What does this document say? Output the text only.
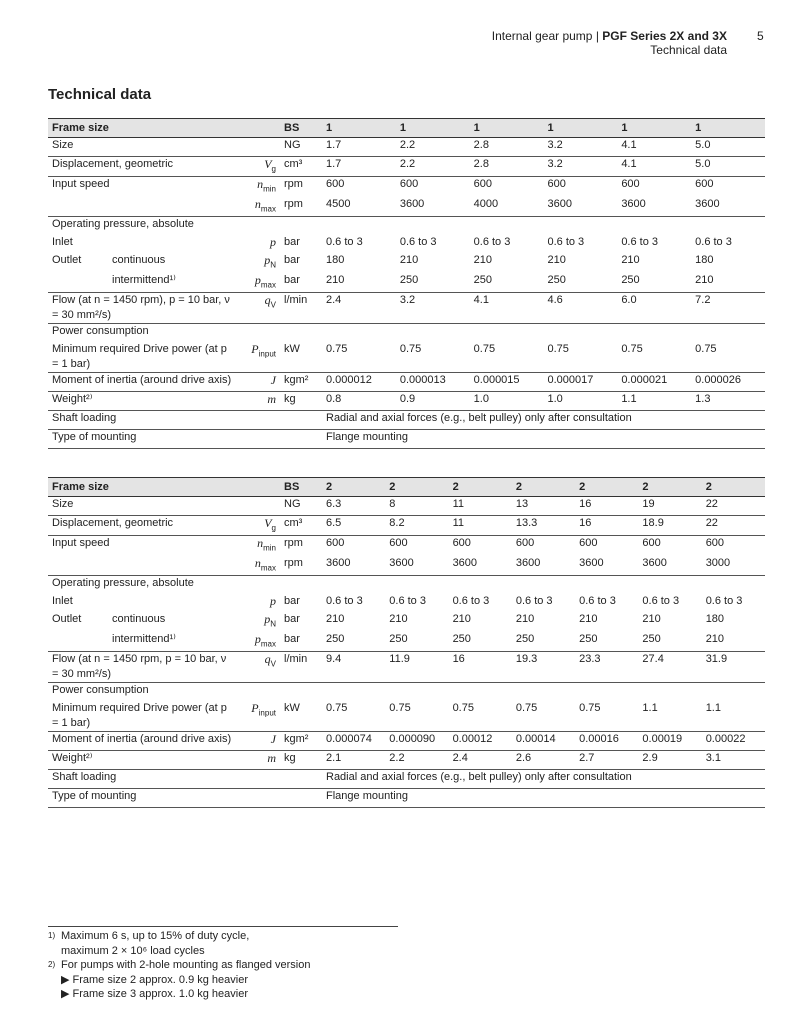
Internal gear pump | PGF Series 2X and 3X
Technical data
5
Technical data
Frame size		BS	1	1	1	1	1	1
Size		NG	1.7	2.2	2.8	3.2	4.1	5.0
Displacement, geometric	$V_g$	cm³	1.7	2.2	2.8	3.2	4.1	5.0
Input speed	$n_{min}$	rpm	600	600	600	600	600	600
	$n_{max}$	rpm	4500	3600	4000	3600	3600	3600
Operating pressure, absolute								
Inlet	p	bar	0.6 to 3	0.6 to 3	0.6 to 3	0.6 to 3	0.6 to 3	0.6 to 3
Outlet continuous	$p_N$	bar	180	210	210	210	210	180
intermittend¹⁾	$p_{max}$	bar	210	250	250	250	250	210
Flow (at n = 1450 rpm), p = 10 bar, ν = 30 mm²/s)	$q_V$	l/min	2.4	3.2	4.1	4.6	6.0	7.2
Power consumption								
Minimum required Drive power (at p = 1 bar)	$P_{input}$	kW	0.75	0.75	0.75	0.75	0.75	0.75
Moment of inertia (around drive axis)	J	kgm²	0.000012	0.000013	0.000015	0.000017	0.000021	0.000026
Weight²⁾	m	kg	0.8	0.9	1.0	1.0	1.1	1.3
Shaft loading			Radial and axial forces (e.g., belt pulley) only after consultation					
Type of mounting			Flange mounting					
Frame size		BS	2	2	2	2	2	2	2
Size		NG	6.3	8	11	13	16	19	22
Displacement, geometric	$V_g$	cm³	6.5	8.2	11	13.3	16	18.9	22
Input speed	$n_{min}$	rpm	600	600	600	600	600	600	600
	$n_{max}$	rpm	3600	3600	3600	3600	3600	3600	3000
Operating pressure, absolute									
Inlet	p	bar	0.6 to 3	0.6 to 3	0.6 to 3	0.6 to 3	0.6 to 3	0.6 to 3	0.6 to 3
Outlet continuous	$p_N$	bar	210	210	210	210	210	210	180
intermittend¹⁾	$p_{max}$	bar	250	250	250	250	250	250	210
Flow (at n = 1450 rpm, p = 10 bar, ν = 30 mm²/s)	$q_V$	l/min	9.4	11.9	16	19.3	23.3	27.4	31.9
Power consumption									
Minimum required Drive power (at p = 1 bar)	$P_{input}$	kW	0.75	0.75	0.75	0.75	0.75	1.1	1.1
Moment of inertia (around drive axis)	J	kgm²	0.000074	0.000090	0.00012	0.00014	0.00016	0.00019	0.00022
Weight²⁾	m	kg	2.1	2.2	2.4	2.6	2.7	2.9	3.1
Shaft loading			Radial and axial forces (e.g., belt pulley) only after consultation						
Type of mounting			Flange mounting						
1) Maximum 6 s, up to 15% of duty cycle,
maximum 2 × 10⁶ load cycles
2) For pumps with 2-hole mounting as flanged version
▶ Frame size 2 approx. 0.9 kg heavier
▶ Frame size 3 approx. 1.0 kg heavier
